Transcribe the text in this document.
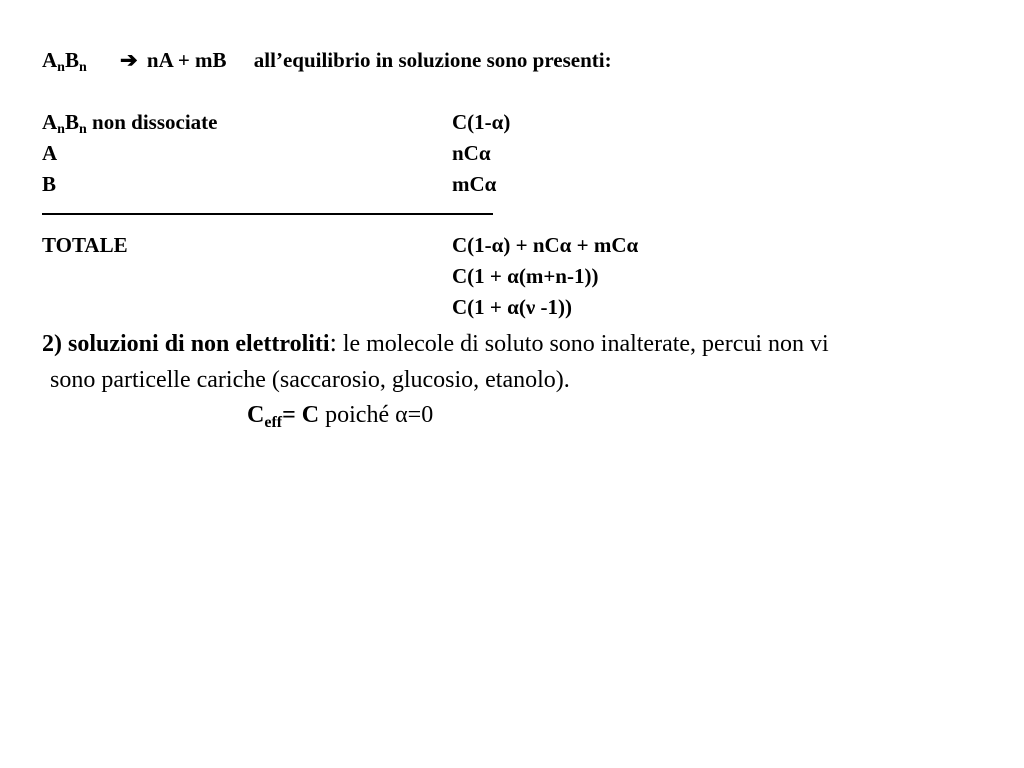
AnBn ➔ nA + mB all’equilibrio in soluzione sono presenti:
AnBn non dissociate	C(1-α)
A	nCα
B	mCα
TOTALE	C(1-α) + nCα + mCα
C(1 + α(m+n-1))
C(1 + α(ν -1))
2) soluzioni di non elettroliti: le molecole di soluto sono inalterate, percui non vi
sono particelle cariche (saccarosio, glucosio, etanolo).
$C_{eff}= C$ poiché α=0
